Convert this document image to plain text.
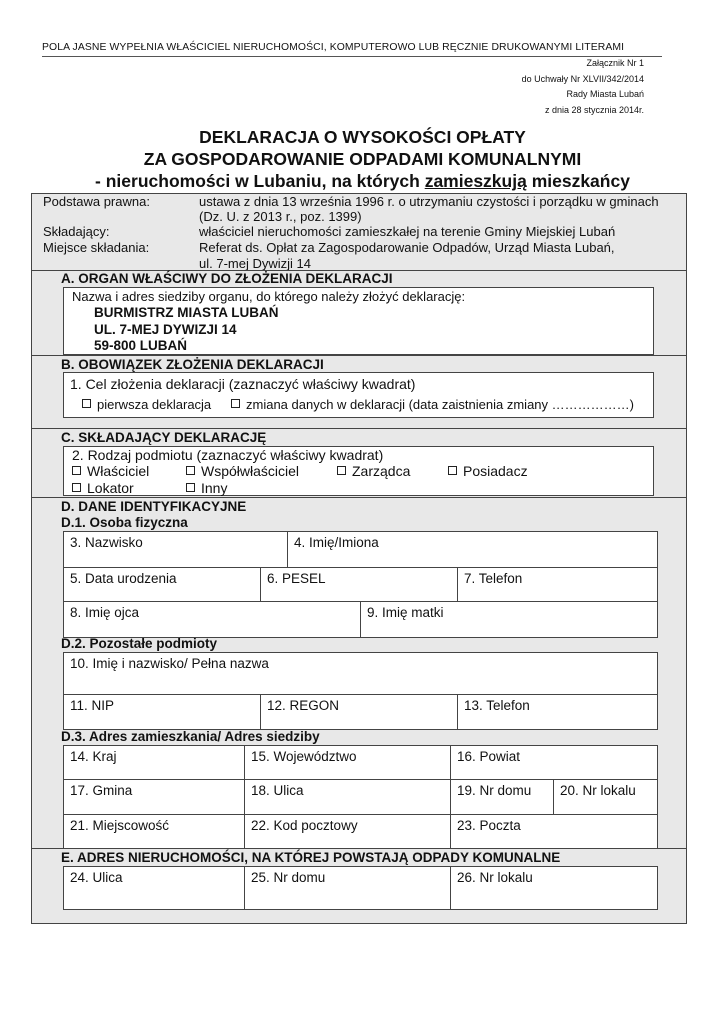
POLA JASNE WYPEŁNIA WŁAŚCICIEL NIERUCHOMOŚCI, KOMPUTEROWO LUB RĘCZNIE DRUKOWANYMI LITERAMI
Załącznik Nr 1
do Uchwały Nr XLVII/342/2014
Rady Miasta Lubań
z dnia 28 stycznia 2014r.
DEKLARACJA O WYSOKOŚCI OPŁATY
ZA GOSPODAROWANIE ODPADAMI KOMUNALNYMI
- nieruchomości w Lubaniu, na których zamieszkują mieszkańcy
Podstawa prawna:	ustawa z dnia 13 września 1996 r. o utrzymaniu czystości i porządku w gminach
(Dz. U. z 2013 r., poz. 1399)
Składający:	właściciel nieruchomości zamieszkałej na terenie Gminy Miejskiej Lubań
Miejsce składania:	Referat ds. Opłat za Zagospodarowanie Odpadów, Urząd Miasta Lubań,
ul. 7-mej Dywizji 14
A. ORGAN WŁAŚCIWY DO ZŁOŻENIA DEKLARACJI
Nazwa i adres siedziby organu, do którego należy złożyć deklarację:
BURMISTRZ MIASTA LUBAŃ
UL. 7-MEJ DYWIZJI 14
59-800 LUBAŃ
B. OBOWIĄZEK ZŁOŻENIA DEKLARACJI
1. Cel złożenia deklaracji (zaznaczyć właściwy kwadrat)
pierwsza deklaracja	zmiana danych w deklaracji (data zaistnienia zmiany ………………)
C. SKŁADAJĄCY DEKLARACJĘ
2. Rodzaj podmiotu (zaznaczyć właściwy kwadrat)
Właściciel	Współwłaściciel	Zarządca	Posiadacz
Lokator	Inny
D. DANE IDENTYFIKACYJNE
D.1. Osoba fizyczna
3. Nazwisko	4. Imię/Imiona
5. Data urodzenia	6. PESEL	7. Telefon
8. Imię ojca	9. Imię matki
D.2. Pozostałe podmioty
10. Imię i nazwisko/ Pełna nazwa
11. NIP	12. REGON	13. Telefon
D.3. Adres zamieszkania/ Adres siedziby
14. Kraj	15. Województwo	16. Powiat
17. Gmina	18. Ulica	19. Nr domu	20. Nr lokalu
21. Miejscowość	22. Kod pocztowy	23. Poczta
E. ADRES NIERUCHOMOŚCI, NA KTÓREJ POWSTAJĄ ODPADY KOMUNALNE
24. Ulica	25. Nr domu	26. Nr lokalu
